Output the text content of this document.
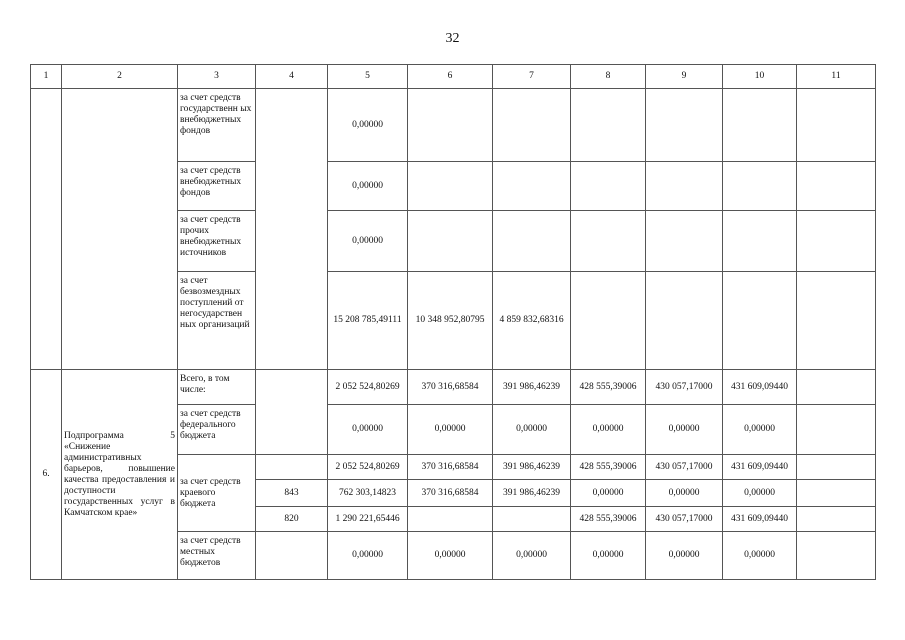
32
1	2	3	4	5	6	7	8	9	10	11
		за счет средств государственн ых внебюджетных фондов		0,00000						
		за счет средств внебюджетных фондов		0,00000						
		за счет средств прочих внебюджетных источников		0,00000						
		за счет безвозмездных поступлений от негосударствен ных организаций		15 208 785,49111	10 348 952,80795	4 859 832,68316				

6.	Подпрограмма 5
«Снижение административных барьеров, повышение качества предоставления и доступности государственных услуг в Камчатском крае»	Всего, в том числе:		2 052 524,80269	370 316,68584	391 986,46239	428 555,39006	430 057,17000	431 609,09440	
		за счет средств федерального бюджета		0,00000	0,00000	0,00000	0,00000	0,00000	0,00000	
		за счет средств краевого бюджета		2 052 524,80269	370 316,68584	391 986,46239	428 555,39006	430 057,17000	431 609,09440	
			843	762 303,14823	370 316,68584	391 986,46239	0,00000	0,00000	0,00000	
			820	1 290 221,65446			428 555,39006	430 057,17000	431 609,09440	
		за счет средств местных бюджетов		0,00000	0,00000	0,00000	0,00000	0,00000	0,00000	
